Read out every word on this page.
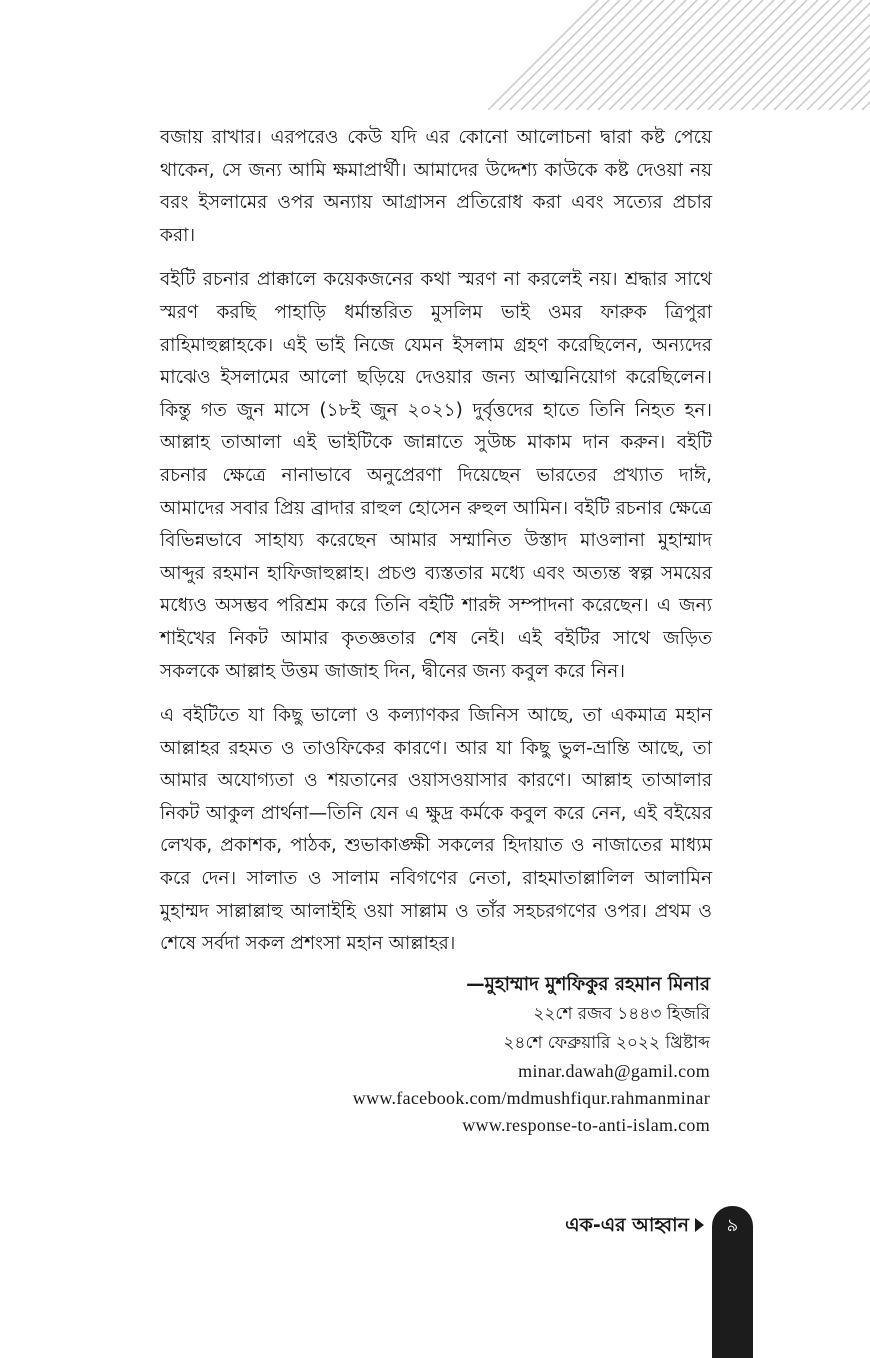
বজায় রাখার। এরপরেও কেউ যদি এর কোনো আলোচনা দ্বারা কষ্ট পেয়ে থাকেন, সে জন্য আমি ক্ষমাপ্রার্থী। আমাদের উদ্দেশ্য কাউকে কষ্ট দেওয়া নয় বরং ইসলামের ওপর অন্যায় আগ্রাসন প্রতিরোধ করা এবং সত্যের প্রচার করা।

বইটি রচনার প্রাক্কালে কয়েকজনের কথা স্মরণ না করলেই নয়। শ্রদ্ধার সাথে স্মরণ করছি পাহাড়ি ধর্মান্তরিত মুসলিম ভাই ওমর ফারুক ত্রিপুরা রাহিমাহুল্লাহকে। এই ভাই নিজে যেমন ইসলাম গ্রহণ করেছিলেন, অন্যদের মাঝেও ইসলামের আলো ছড়িয়ে দেওয়ার জন্য আত্মনিয়োগ করেছিলেন। কিন্তু গত জুন মাসে (১৮ই জুন ২০২১) দুর্বৃত্তদের হাতে তিনি নিহত হন। আল্লাহ তাআলা এই ভাইটিকে জান্নাতে সুউচ্চ মাকাম দান করুন। বইটি রচনার ক্ষেত্রে নানাভাবে অনুপ্রেরণা দিয়েছেন ভারতের প্রখ্যাত দাঈ, আমাদের সবার প্রিয় ব্রাদার রাহুল হোসেন রুহুল আমিন। বইটি রচনার ক্ষেত্রে বিভিন্নভাবে সাহায্য করেছেন আমার সম্মানিত উস্তাদ মাওলানা মুহাম্মাদ আব্দুর রহমান হাফিজাহুল্লাহ। প্রচণ্ড ব্যস্ততার মধ্যে এবং অত্যন্ত স্বল্প সময়ের মধ্যেও অসম্ভব পরিশ্রম করে তিনি বইটি শারঈ সম্পাদনা করেছেন। এ জন্য শাইখের নিকট আমার কৃতজ্ঞতার শেষ নেই। এই বইটির সাথে জড়িত সকলকে আল্লাহ উত্তম জাজাহ দিন, দ্বীনের জন্য কবুল করে নিন।

এ বইটিতে যা কিছু ভালো ও কল্যাণকর জিনিস আছে, তা একমাত্র মহান আল্লাহর রহমত ও তাওফিকের কারণে। আর যা কিছু ভুল-ভ্রান্তি আছে, তা আমার অযোগ্যতা ও শয়তানের ওয়াসওয়াসার কারণে। আল্লাহ তাআলার নিকট আকুল প্রার্থনা—তিনি যেন এ ক্ষুদ্র কর্মকে কবুল করে নেন, এই বইয়ের লেখক, প্রকাশক, পাঠক, শুভাকাঙ্ক্ষী সকলের হিদায়াত ও নাজাতের মাধ্যম করে দেন। সালাত ও সালাম নবিগণের নেতা, রাহমাতাল্লালিল আলামিন মুহাম্মদ সাল্লাল্লাহু আলাইহি ওয়া সাল্লাম ও তাঁর সহচরগণের ওপর। প্রথম ও শেষে সর্বদা সকল প্রশংসা মহান আল্লাহর।

—মুহাম্মাদ মুশফিকুর রহমান মিনার
২২শে রজব ১৪৪৩ হিজরি
২৪শে ফেব্রুয়ারি ২০২২ খ্রিষ্টাব্দ
minar.dawah@gamil.com
www.facebook.com/mdmushfiqur.rahmanminar
www.response-to-anti-islam.com
এক-এর আহ্বান	৯
